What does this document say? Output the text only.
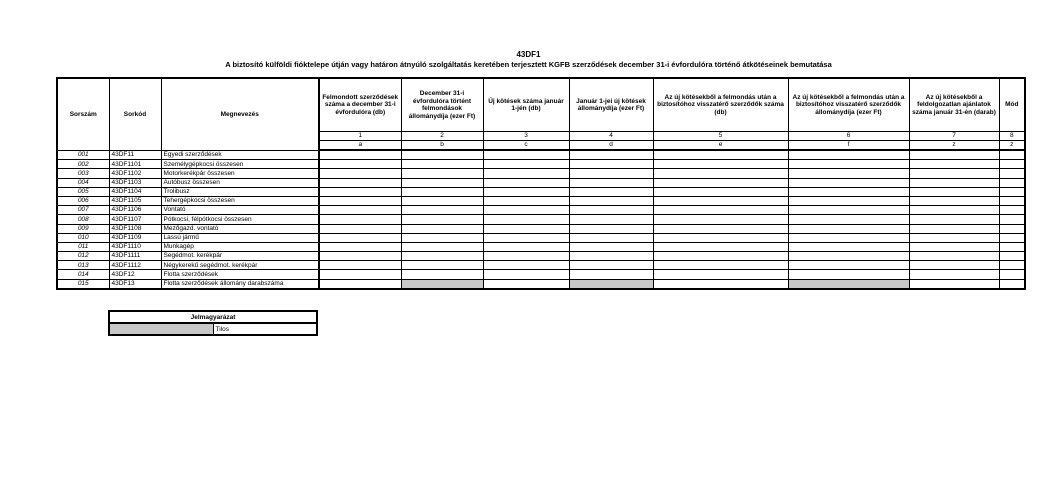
43DF1
A biztosító külföldi fióktelepe útján vagy határon átnyúló szolgáltatás keretében terjesztett KGFB szerződések december 31-i évfordulóra történő átkötéseinek bemutatása
Sorszám	Sorkód	Megnevezés	Felmondott szerződések száma a december 31-i évfordulóra (db)	December 31-i évfordulóra történt felmondások állománydíja (ezer Ft)	Új kötések száma január 1-jén (db)	Január 1-jei új kötések állománydíja (ezer Ft)	Az új kötésekből a felmondás után a biztosítóhoz visszatérő szerződők száma (db)	Az új kötésekből a felmondás után a biztosítóhoz visszatérő szerződők állománydíja (ezer Ft)	Az új kötésekből a feldolgozatlan ajánlatok száma január 31-én (darab)	Mód
			1	2	3	4	5	6	7	8
			a	b	c	d	e	f	z	z
001	43DF11	Egyedi szerződések								
002	43DF1101	Személygépkocsi összesen								
003	43DF1102	Motorkerékpár összesen								
004	43DF1103	Autóbusz összesen								
005	43DF1104	Trolibusz								
006	43DF1105	Tehergépkocsi összesen								
007	43DF1106	Vontató								
008	43DF1107	Pótkocsi, félpótkocsi összesen								
009	43DF1108	Mezőgazd. vontató								
010	43DF1109	Lassú jármű								
011	43DF1110	Munkagép								
012	43DF1111	Segédmot. kerékpár								
013	43DF1112	Négykerekű segédmot. kerékpár								
014	43DF12	Flotta szerződések								
015	43DF13	Flotta szerződések állomány darabszáma								
Jelmagyarázat
	Tilos
